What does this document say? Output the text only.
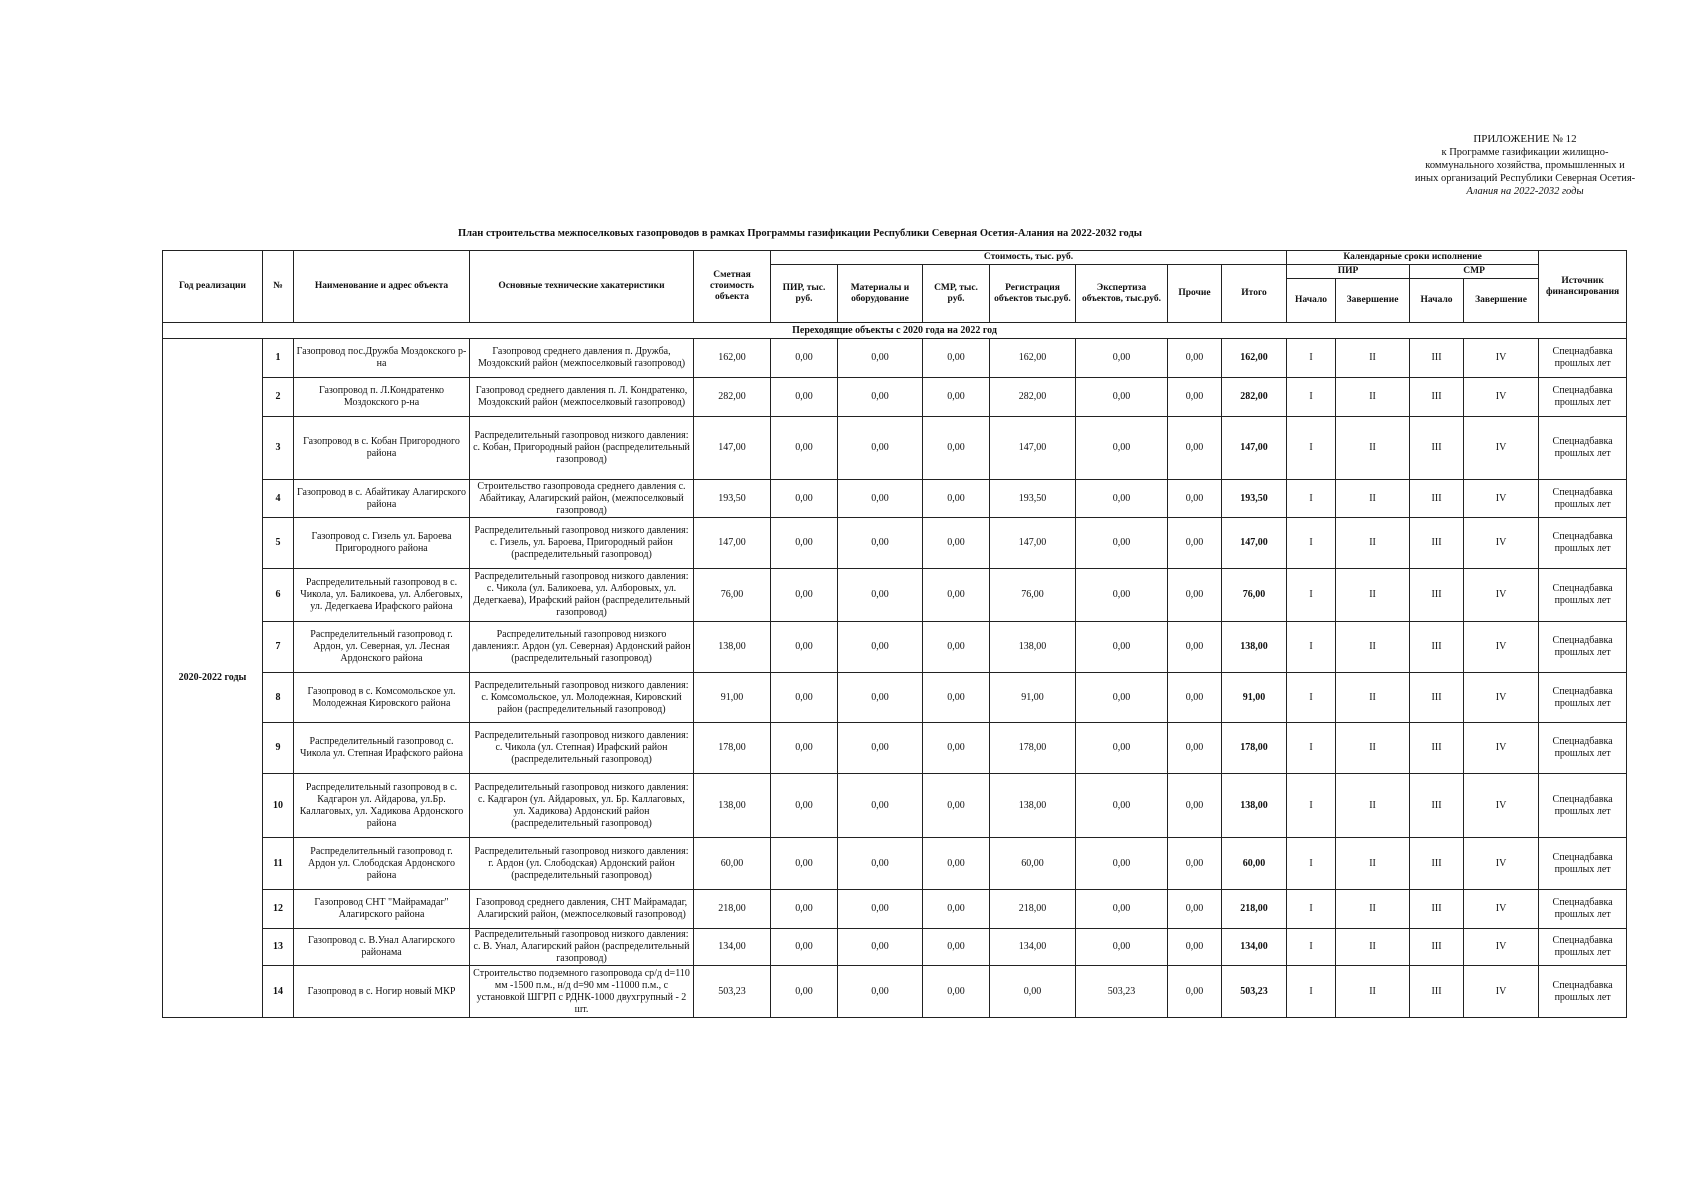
ПРИЛОЖЕНИЕ № 12
к Программе газификации жилищно-
коммунального хозяйства, промышленных и
иных организаций Республики Северная Осетия-
Алания на 2022-2032 годы
План строительства межпоселковых газопроводов в рамках Программы газификации Республики Северная Осетия-Алания на 2022-2032 годы
Год реализации	№	Наименование и адрес объекта	Основные технические хакатеристики	Сметная стоимость объекта	Стоимость, тыс. руб.							Календарные сроки исполнение				Источник финансирования
					ПИР, тыс. руб.	Материалы и оборудование	СМР, тыс. руб.	Регистрация объектов тыс.руб.	Экспертиза объектов, тыс.руб.	Прочие	Итого	ПИР		СМР		
												Начало	Завершение	Начало	Завершение	
Переходящие объекты с 2020 года на 2022 год																
2020-2022 годы	1	Газопровод пос.Дружба Моздокского р-на	Газопровод среднего давления п. Дружба, Моздокский район (межпоселковый газопровод)	162,00	0,00	0,00	0,00	162,00	0,00	0,00	162,00	I	II	III	IV	Спецнадбавка прошлых лет
	2	Газопровод п. Л.Кондратенко Моздокского р-на	Газопровод среднего давления п. Л. Кондратенко, Моздокский район (межпоселковый газопровод)	282,00	0,00	0,00	0,00	282,00	0,00	0,00	282,00	I	II	III	IV	Спецнадбавка прошлых лет
	3	Газопровод в с. Кобан Пригородного района	Распределительный газопровод низкого давления: с. Кобан, Пригородный район (распределительный газопровод)	147,00	0,00	0,00	0,00	147,00	0,00	0,00	147,00	I	II	III	IV	Спецнадбавка прошлых лет
	4	Газопровод в с. Абайтикау Алагирского района	Строительство газопровода среднего давления с. Абайтикау, Алагирский район, (межпоселковый газопровод)	193,50	0,00	0,00	0,00	193,50	0,00	0,00	193,50	I	II	III	IV	Спецнадбавка прошлых лет
	5	Газопровод с. Гизель ул. Бароева Пригородного района	Распределительный газопровод низкого давления: с. Гизель, ул. Бароева, Пригородный район (распределительный газопровод)	147,00	0,00	0,00	0,00	147,00	0,00	0,00	147,00	I	II	III	IV	Спецнадбавка прошлых лет
	6	Распределительный газопровод в с. Чикола, ул. Баликоева, ул. Албеговых, ул. Дедегкаева Ирафского района	Распределительный газопровод низкого давления: с. Чикола (ул. Баликоева, ул. Алборовых, ул. Дедегкаева), Ирафский район (распределительный газопровод)	76,00	0,00	0,00	0,00	76,00	0,00	0,00	76,00	I	II	III	IV	Спецнадбавка прошлых лет
	7	Распределительный газопровод г. Ардон, ул. Северная, ул. Лесная Ардонского района	Распределительный газопровод низкого давления:г. Ардон (ул. Северная) Ардонский район (распределительный газопровод)	138,00	0,00	0,00	0,00	138,00	0,00	0,00	138,00	I	II	III	IV	Спецнадбавка прошлых лет
	8	Газопровод в с. Комсомольское ул. Молодежная Кировского района	Распределительный газопровод низкого давления: с. Комсомольское, ул. Молодежная, Кировский район (распределительный газопровод)	91,00	0,00	0,00	0,00	91,00	0,00	0,00	91,00	I	II	III	IV	Спецнадбавка прошлых лет
	9	Распределительный газопровод с. Чикола ул. Степная Ирафского района	Распределительный газопровод низкого давления: с. Чикола (ул. Степная) Ирафский район (распределительный газопровод)	178,00	0,00	0,00	0,00	178,00	0,00	0,00	178,00	I	II	III	IV	Спецнадбавка прошлых лет
	10	Распределительный газопровод в с. Кадгарон ул. Айдарова, ул.Бр. Каллаговых, ул. Хадикова Ардонского района	Распределительный газопровод низкого давления: с. Кадгарон (ул. Айдаровых, ул. Бр. Каллаговых, ул. Хадикова) Ардонский район (распределительный газопровод)	138,00	0,00	0,00	0,00	138,00	0,00	0,00	138,00	I	II	III	IV	Спецнадбавка прошлых лет
	11	Распределительный газопровод г. Ардон ул. Слободская Ардонского района	Распределительный газопровод низкого давления: г. Ардон (ул. Слободская) Ардонский район (распределительный газопровод)	60,00	0,00	0,00	0,00	60,00	0,00	0,00	60,00	I	II	III	IV	Спецнадбавка прошлых лет
	12	Газопровод СНТ "Майрамадаг" Алагирского района	Газопровод среднего давления, СНТ Майрамадаг, Алагирский район, (межпоселковый газопровод)	218,00	0,00	0,00	0,00	218,00	0,00	0,00	218,00	I	II	III	IV	Спецнадбавка прошлых лет
	13	Газопровод с. В.Унал Алагирского районама	Распределительный газопровод низкого давления: с. В. Унал, Алагирский район (распределительный газопровод)	134,00	0,00	0,00	0,00	134,00	0,00	0,00	134,00	I	II	III	IV	Спецнадбавка прошлых лет
	14	Газопровод в с. Ногир новый МКР	Строительство подземного газопровода ср/д d=110 мм -1500 п.м., н/д d=90 мм -11000 п.м., с установкой ШГРП с РДНК-1000 двухгрупный - 2 шт.	503,23	0,00	0,00	0,00	0,00	503,23	0,00	503,23	I	II	III	IV	Спецнадбавка прошлых лет
